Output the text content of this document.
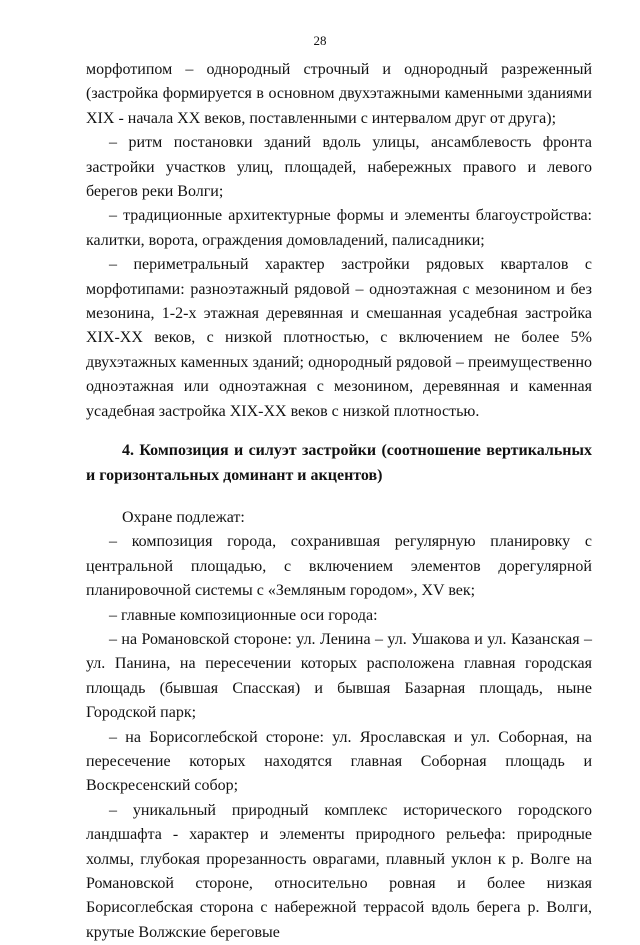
28

морфотипом – однородный строчный и однородный разреженный (застройка формируется в основном двухэтажными каменными зданиями XIX - начала XX веков, поставленными с интервалом друг от друга);

– ритм постановки зданий вдоль улицы, ансамблевость фронта застройки участков улиц, площадей, набережных правого и левого берегов реки Волги;

– традиционные архитектурные формы и элементы благоустройства: калитки, ворота, ограждения домовладений, палисадники;

– периметральный характер застройки рядовых кварталов с морфотипами: разноэтажный рядовой – одноэтажная с мезонином и без мезонина, 1-2-х этажная деревянная и смешанная усадебная застройка XIX-XX веков, с низкой плотностью, с включением не более 5% двухэтажных каменных зданий; однородный рядовой – преимущественно одноэтажная или одноэтажная с мезонином, деревянная и каменная усадебная застройка XIX-XX веков с низкой плотностью.

4. Композиция и силуэт застройки (соотношение вертикальных и горизонтальных доминант и акцентов)

Охране подлежат:

– композиция города, сохранившая регулярную планировку с центральной площадью, с включением элементов дорегулярной планировочной системы с «Земляным городом», XV век;

– главные композиционные оси города:

– на Романовской стороне: ул. Ленина – ул. Ушакова и ул. Казанская – ул. Панина, на пересечении которых расположена главная городская площадь (бывшая Спасская) и бывшая Базарная площадь, ныне Городской парк;

– на Борисоглебской стороне: ул. Ярославская и ул. Соборная, на пересечение которых находятся главная Соборная площадь и Воскресенский собор;

– уникальный природный комплекс исторического городского ландшафта - характер и элементы природного рельефа: природные холмы, глубокая прорезанность оврагами, плавный уклон к р. Волге на Романовской стороне, относительно ровная и более низкая Борисоглебская сторона с набережной террасой вдоль берега р. Волги, крутые Волжские береговые
